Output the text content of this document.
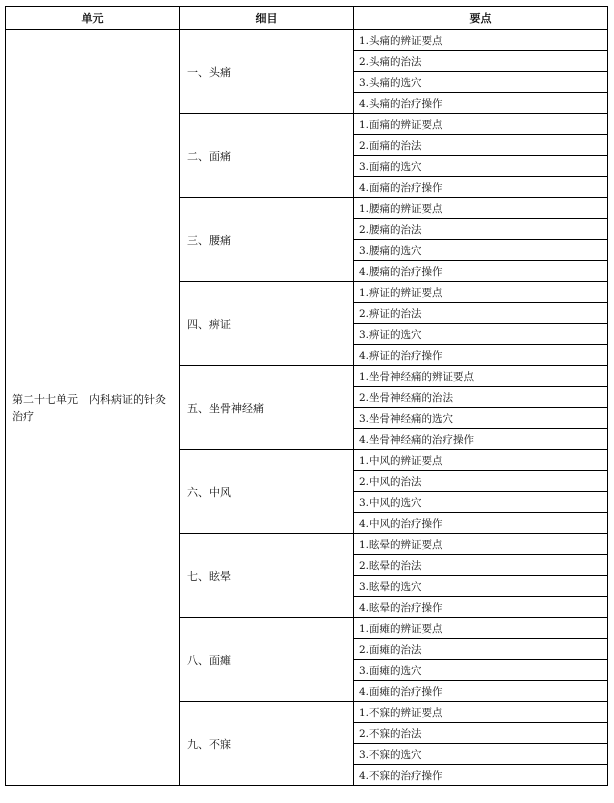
单元	细目	要点
第二十七单元　内科病证的针灸治疗	一、头痛	1.头痛的辨证要点
		2.头痛的治法
		3.头痛的选穴
		4.头痛的治疗操作
	二、面痛	1.面痛的辨证要点
		2.面痛的治法
		3.面痛的选穴
		4.面痛的治疗操作
	三、腰痛	1.腰痛的辨证要点
		2.腰痛的治法
		3.腰痛的选穴
		4.腰痛的治疗操作
	四、痹证	1.痹证的辨证要点
		2.痹证的治法
		3.痹证的选穴
		4.痹证的治疗操作
	五、坐骨神经痛	1.坐骨神经痛的辨证要点
		2.坐骨神经痛的治法
		3.坐骨神经痛的选穴
		4.坐骨神经痛的治疗操作
	六、中风	1.中风的辨证要点
		2.中风的治法
		3.中风的选穴
		4.中风的治疗操作
	七、眩晕	1.眩晕的辨证要点
		2.眩晕的治法
		3.眩晕的选穴
		4.眩晕的治疗操作
	八、面瘫	1.面瘫的辨证要点
		2.面瘫的治法
		3.面瘫的选穴
		4.面瘫的治疗操作
	九、不寐	1.不寐的辨证要点
		2.不寐的治法
		3.不寐的选穴
		4.不寐的治疗操作
